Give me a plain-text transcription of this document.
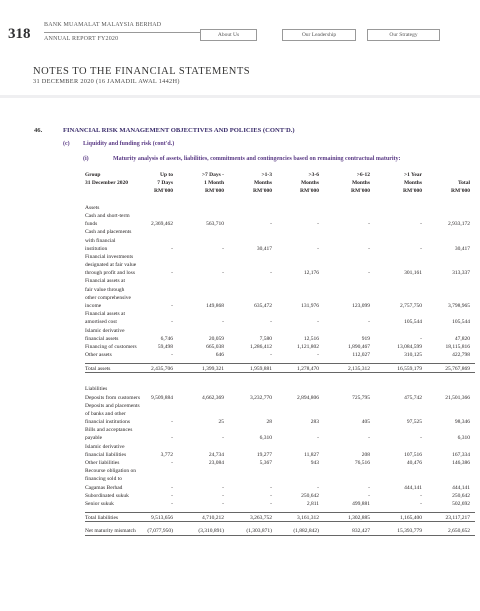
318
BANK MUAMALAT MALAYSIA BERHAD
ANNUAL REPORT FY2020
About Us	Our Leadership	Our Strategy
NOTES TO THE FINANCIAL STATEMENTS
31 DECEMBER 2020 (16 JAMADIL AWAL 1442H)
46.	FINANCIAL RISK MANAGEMENT OBJECTIVES AND POLICIES (CONT'D.)
(c) Liquidity and funding risk (cont'd.)
(i)	Maturity analysis of assets, liabilities, commitments and contingencies based on remaining contractual maturity:
Group	Up to	>7 Days -	>1-3	>3-6	>6-12	>1 Year
31 December 2020	7 Days	1 Month	Months	Months	Months	Months	Total
RM'000	RM'000	RM'000	RM'000	RM'000	RM'000	RM'000
Assets
Cash and short-term
funds	2,369,462	563,710	-	-	-	-	2,933,172
Cash and placements
with financial
institution	-	-	30,417	-	-	-	30,417
Financial investments
designated at fair value
through profit and loss	-	-	-	12,176	-	301,161	313,337
Financial assets at
fair value through
other comprehensive
income	-	149,868	635,472	131,976	123,099	2,757,750	3,798,965
Financial assets at
amortised cost	-	-	-	-	-	105,544	105,544
Islamic derivative
financial assets	6,746	20,059	7,580	12,516	919	-	47,820
Financing of customers	59,498	665,038	1,286,412	1,121,802	1,890,467	13,084,599	18,115,816
Other assets	-	646	-	-	112,027	310,125	422,798
Total assets	2,435,706	1,399,321	1,959,881	1,278,470	2,135,312	16,559,179	25,767,869
Liabilities
Deposits from customers	9,509,884	4,662,369	3,232,770	2,894,806	725,795	475,742	21,501,366
Deposits and placements
of banks and other
financial institutions	-	25	28	283	405	97,525	98,346
Bills and acceptances
payable	-	-	6,310	-	-	-	6,310
Islamic derivative
financial liabilities	3,772	24,734	19,277	11,827	208	107,516	167,334
Other liabilities	-	23,084	5,367	943	76,516	40,476	146,386
Recourse obligation on
financing sold to
Cagamas Berhad	-	-	-	-	-	444,141	444,141
Subordinated sukuk	-	-	-	250,642	-	-	250,642
Senior sukuk	-	-	-	2,811	499,881	-	502,692
Total liabilities	9,513,656	4,710,212	3,263,752	3,161,312	1,302,885	1,165,400	23,117,217
Net maturity mismatch	(7,077,950)	(3,310,891)	(1,303,871)	(1,882,842)	832,427	15,393,779	2,650,652
